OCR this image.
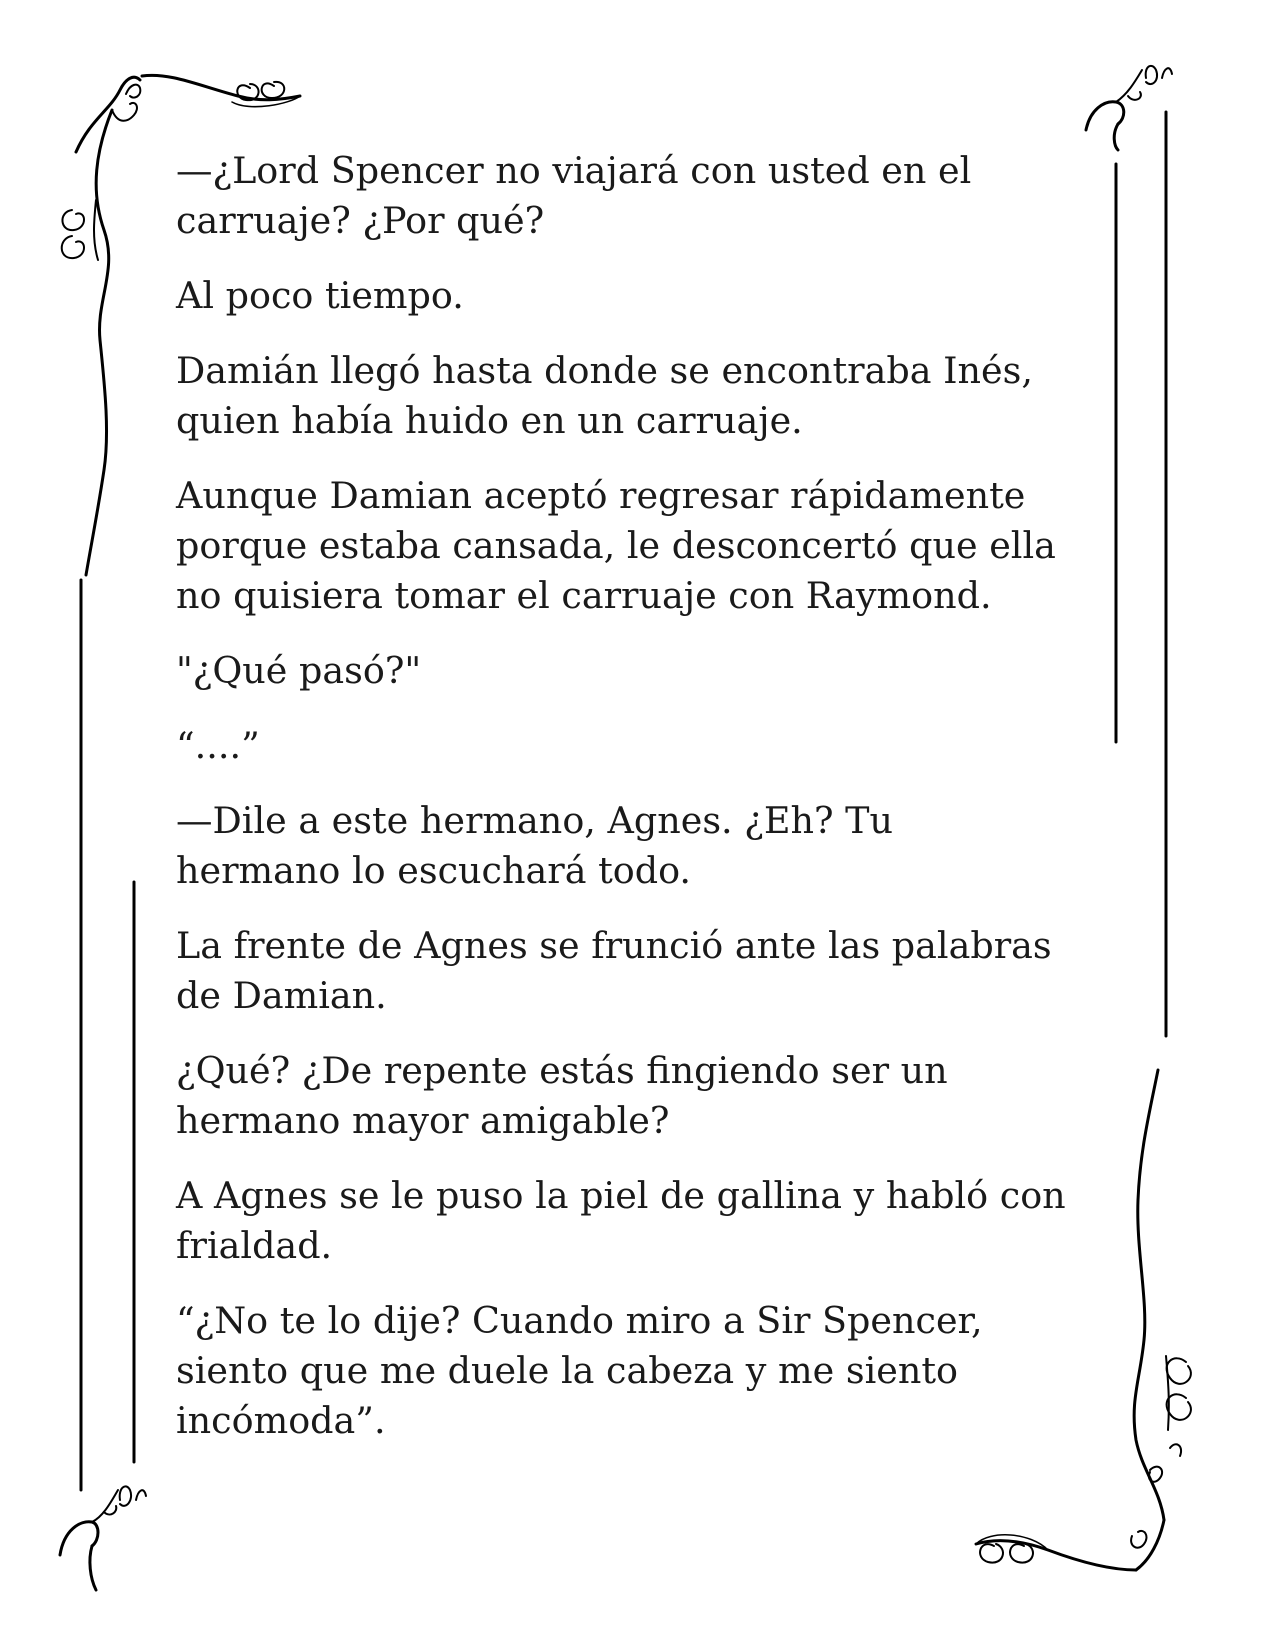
—¿Lord Spencer no viajará con usted en el
carruaje? ¿Por qué?

Al poco tiempo.

Damián llegó hasta donde se encontraba Inés,
quien había huido en un carruaje.

Aunque Damian aceptó regresar rápidamente
porque estaba cansada, le desconcertó que ella
no quisiera tomar el carruaje con Raymond.

"¿Qué pasó?"

“....”

—Dile a este hermano, Agnes. ¿Eh? Tu
hermano lo escuchará todo.

La frente de Agnes se frunció ante las palabras
de Damian.

¿Qué? ¿De repente estás fingiendo ser un
hermano mayor amigable?

A Agnes se le puso la piel de gallina y habló con
frialdad.

“¿No te lo dije? Cuando miro a Sir Spencer,
siento que me duele la cabeza y me siento
incómoda”.
